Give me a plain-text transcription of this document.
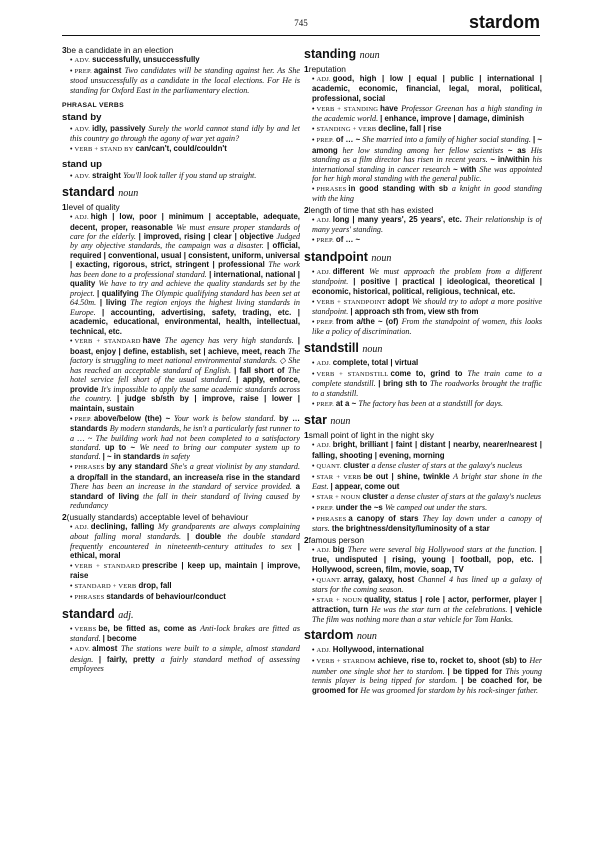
745	stardom
3be a candidate in an election
• ADV. successfully, unsuccessfully
• PREP. against Two candidates will be standing against her. As She stood unsuccessfully as a candidate in the local elections. For He is standing for Oxford East in the parliamentary election.
PHRASAL VERBS
stand by
• ADV. idly, passively Surely the world cannot stand idly by and let this country go through the agony of war yet again?
• VERB + STAND BY can/can't, could/couldn't
stand up
• ADV. straight You'll look taller if you stand up straight.
standard noun
1level of quality
• ADJ. high | low, poor | minimum | acceptable, adequate, decent, proper, reasonable We must ensure proper standards of care for the elderly. | improved, rising | clear | objective Judged by any objective standards, the campaign was a disaster. | official, required | conventional, usual | consistent, uniform, universal | exacting, rigorous, strict, stringent | professional The work has been done to a professional standard. | international, national | quality We have to try and achieve the quality standards set by the project. | qualifying The Olympic qualifying standard has been set at 64.50m. | living The region enjoys the highest living standards in Europe. | accounting, advertising, safety, trading, etc. | academic, educational, environmental, health, intellectual, technical, etc.
• VERB + STANDARD have The agency has very high standards. | boast, enjoy | define, establish, set | achieve, meet, reach The factory is struggling to meet national environmental standards. ◇ She has reached an acceptable standard of English. | fall short of The hotel service fell short of the usual standard. | apply, enforce, provide It's impossible to apply the same academic standards across the country. | judge sb/sth by | improve, raise | lower | maintain, sustain
• PREP. above/below (the) ~ Your work is below standard. by … standards By modern standards, he isn't a particularly fast runner to a … ~ The building work had not been completed to a satisfactory standard. up to ~ We need to bring our computer system up to standard. | ~ in standards in safety
• PHRASES by any standard She's a great violinist by any standard. a drop/fall in the standard, an increase/a rise in the standard There has been an increase in the standard of service provided. a standard of living the fall in their standard of living caused by redundancy
2(usually standards) acceptable level of behaviour
• ADJ. declining, falling My grandparents are always complaining about falling moral standards. | double the double standard frequently encountered in nineteenth-century attitudes to sex | ethical, moral
• VERB + STANDARD prescribe | keep up, maintain | improve, raise
• STANDARD + VERB drop, fall
• PHRASES standards of behaviour/conduct
standard adj.
• VERBS be, be fitted as, come as Anti-lock brakes are fitted as standard. | become
• ADV. almost The stations were built to a simple, almost standard design. | fairly, pretty a fairly standard method of assessing employees
standing noun
1reputation
• ADJ. good, high | low | equal | public | international | academic, economic, financial, legal, moral, political, professional, social
• VERB + STANDING have Professor Greenan has a high standing in the academic world. | enhance, improve | damage, diminish
• STANDING + VERB decline, fall | rise
• PREP. of … ~ She married into a family of higher social standing. | ~ among her low standing among her fellow scientists ~ as His standing as a film director has risen in recent years. ~ in/within his international standing in cancer research ~ with She was appointed for her high moral standing with the general public.
• PHRASES in good standing with sb a knight in good standing with the king
2length of time that sth has existed
• ADJ. long | many years', 25 years', etc. Their relationship is of many years' standing.
• PREP. of … ~
standpoint noun
• ADJ. different We must approach the problem from a different standpoint. | positive | practical | ideological, theoretical | economic, historical, political, religious, technical, etc.
• VERB + STANDPOINT adopt We should try to adopt a more positive standpoint. | approach sth from, view sth from
• PREP. from a/the ~ (of) From the standpoint of women, this looks like a policy of discrimination.
standstill noun
• ADJ. complete, total | virtual
• VERB + STANDSTILL come to, grind to The train came to a complete standstill. | bring sth to The roadworks brought the traffic to a standstill.
• PREP. at a ~ The factory has been at a standstill for days.
star noun
1small point of light in the night sky
• ADJ. bright, brilliant | faint | distant | nearby, nearer/nearest | falling, shooting | evening, morning
• QUANT. cluster a dense cluster of stars at the galaxy's nucleus
• STAR + VERB be out | shine, twinkle A bright star shone in the East. | appear, come out
• STAR + NOUN cluster a dense cluster of stars at the galaxy's nucleus
• PREP. under the ~s We camped out under the stars.
• PHRASES a canopy of stars They lay down under a canopy of stars. the brightness/density/luminosity of a star
2famous person
• ADJ. big There were several big Hollywood stars at the function. | true, undisputed | rising, young | football, pop, etc. | Hollywood, screen, film, movie, soap, TV
• QUANT. array, galaxy, host Channel 4 has lined up a galaxy of stars for the coming season.
• STAR + NOUN quality, status | role | actor, performer, player | attraction, turn He was the star turn at the celebrations. | vehicle The film was nothing more than a star vehicle for Tom Hanks.
stardom noun
• ADJ. Hollywood, international
• VERB + STARDOM achieve, rise to, rocket to, shoot (sb) to Her number one single shot her to stardom. | be tipped for This young tennis player is being tipped for stardom. | be coached for, be groomed for He was groomed for stardom by his rock-singer father.
